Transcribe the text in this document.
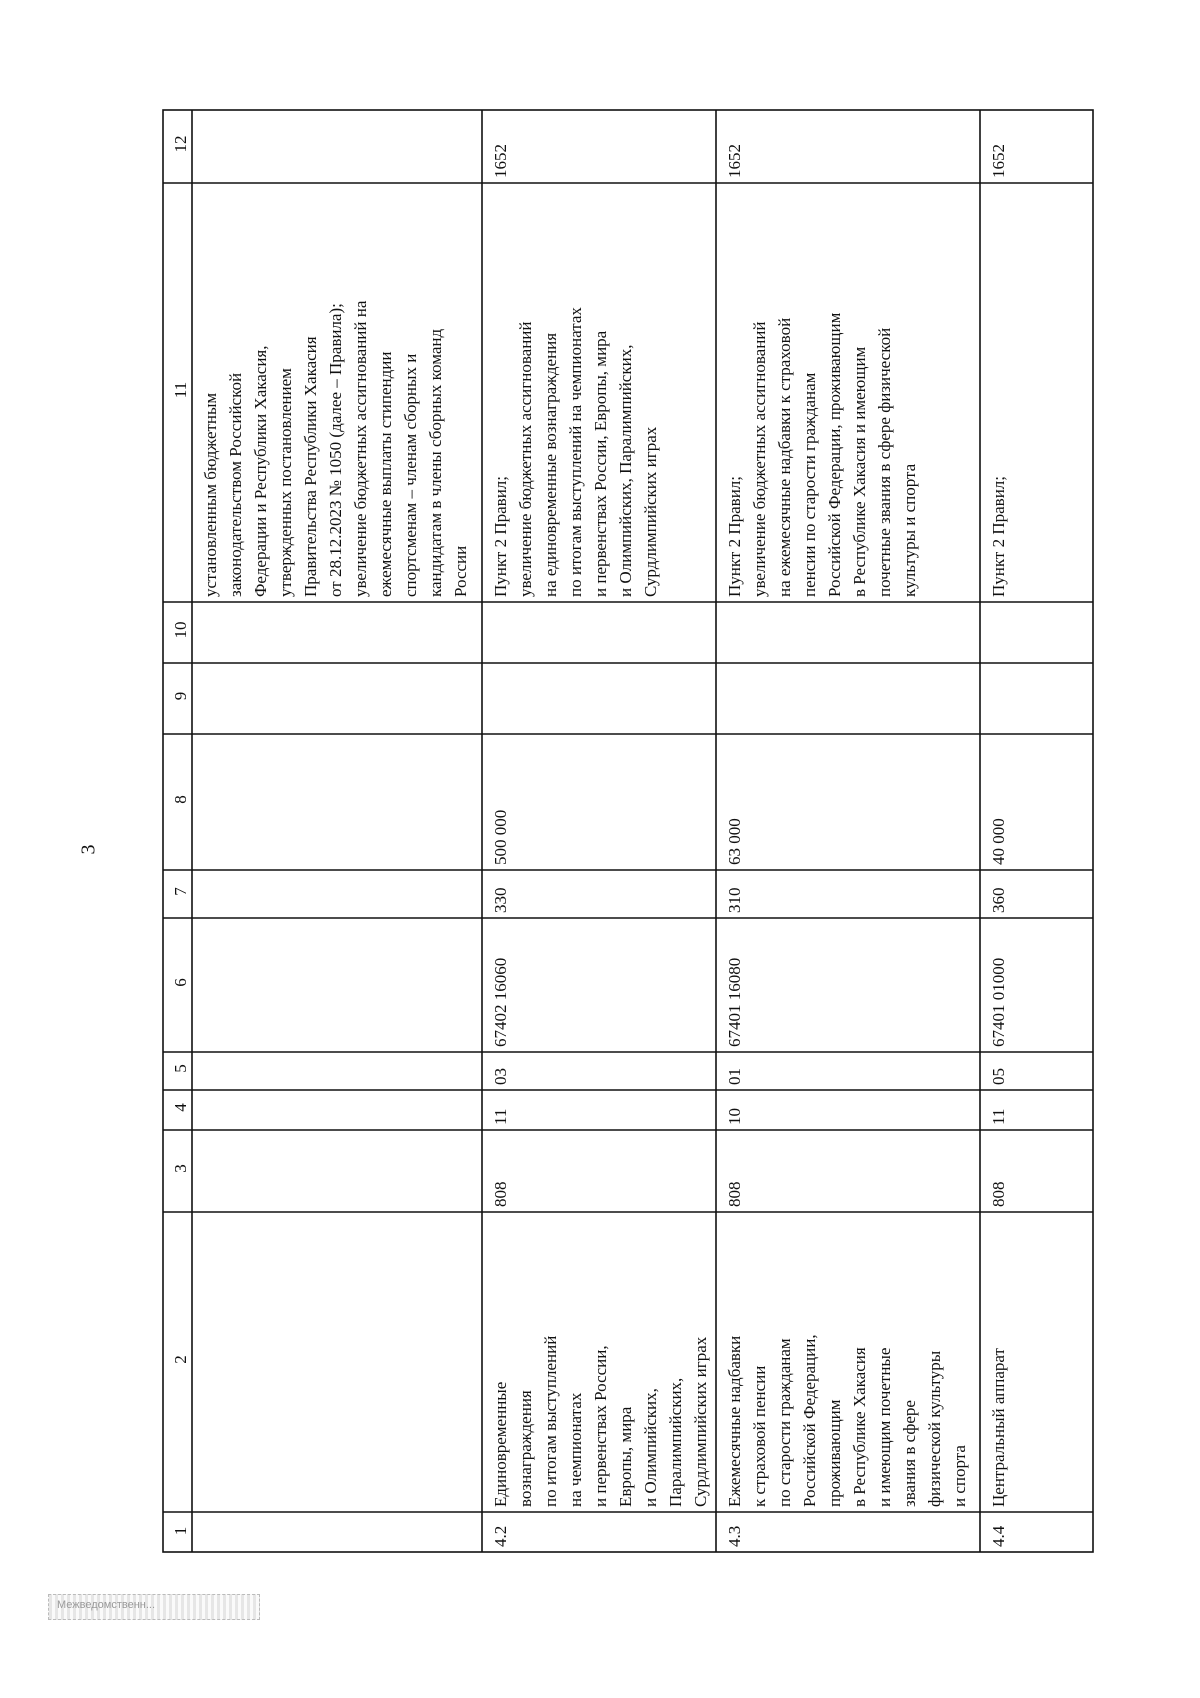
3
Межведомственн...
1
2
3
4
5
6
7
8
9
10
11
12
установленным бюджетным
законодательством Российской
Федерации и Республики Хакасия,
утвержденных постановлением
Правительства Республики Хакасия
от 28.12.2023 № 1050 (далее – Правила);
увеличение бюджетных ассигнований на
ежемесячные выплаты стипендии
спортсменам – членам сборных и
кандидатам в члены сборных команд
России
4.2
Единовременные
вознаграждения
по итогам выступлений
на чемпионатах
и первенствах России,
Европы, мира
и Олимпийских,
Паралимпийских,
Сурдлимпийских играх
808
11
03
67402 16060
330
500 000
Пункт 2 Правил;
увеличение бюджетных ассигнований
на единовременные вознаграждения
по итогам выступлений на чемпионатах
и первенствах России, Европы, мира
и Олимпийских, Паралимпийских,
Сурдлимпийских играх
1652
4.3
Ежемесячные надбавки
к страховой пенсии
по старости гражданам
Российской Федерации,
проживающим
в Республике Хакасия
и имеющим почетные
звания в сфере
физической культуры
и спорта
808
10
01
67401 16080
310
63 000
Пункт 2 Правил;
увеличение бюджетных ассигнований
на ежемесячные надбавки к страховой
пенсии по старости гражданам
Российской Федерации, проживающим
в Республике Хакасия и имеющим
почетные звания в сфере физической
культуры и спорта
1652
4.4
Центральный аппарат
808
11
05
67401 01000
360
40 000
Пункт 2 Правил;
1652
